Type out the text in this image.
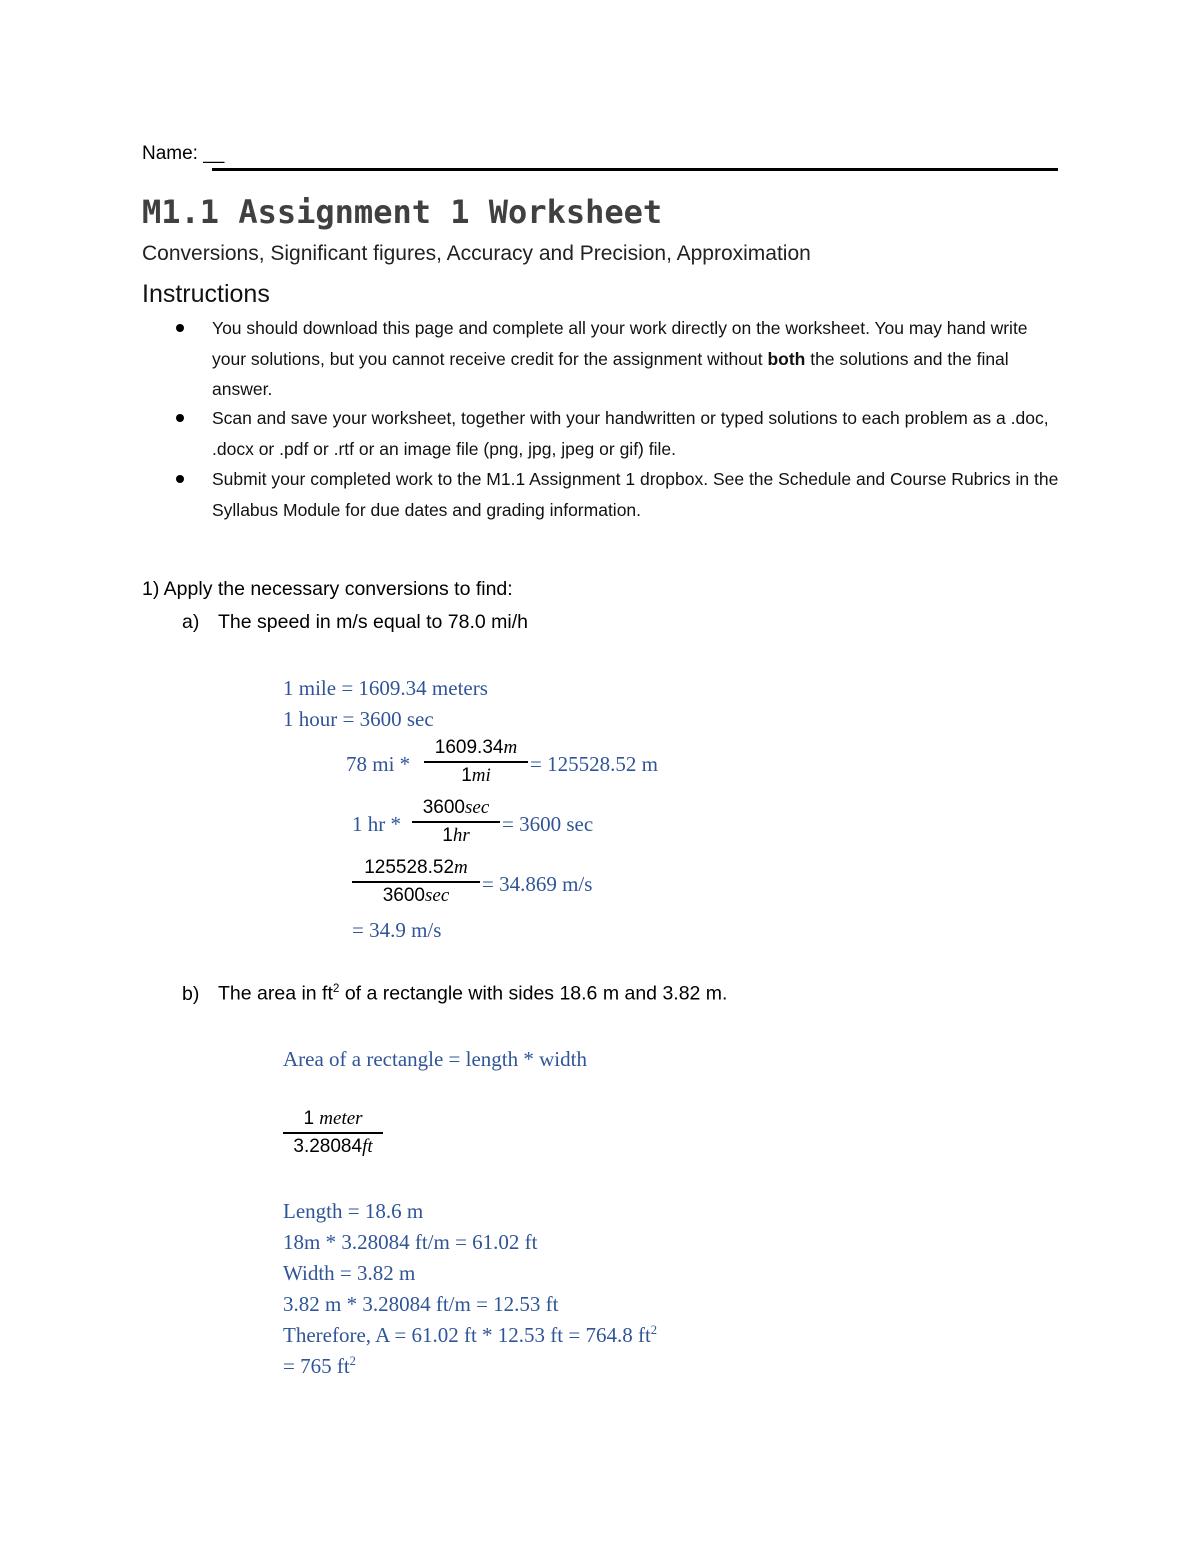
Name: __
M1.1 Assignment 1 Worksheet
Conversions, Significant figures, Accuracy and Precision, Approximation
Instructions
You should download this page and complete all your work directly on the worksheet. You may hand write your solutions, but you cannot receive credit for the assignment without both the solutions and the final answer.
Scan and save your worksheet, together with your handwritten or typed solutions to each problem as a .doc, .docx or .pdf or .rtf or an image file (png, jpg, jpeg or gif) file.
Submit your completed work to the M1.1 Assignment 1 dropbox. See the Schedule and Course Rubrics in the Syllabus Module for due dates and grading information.
1) Apply the necessary conversions to find:
a) The speed in m/s equal to 78.0 mi/h
1 mile = 1609.34 meters
1 hour = 3600 sec
78 mi * $\frac{1609.34m}{1mi} = 125528.52$ m
1 hr *
3600sec
1hr	= 3600 sec
125528.52m
3600sec	= 34.869 m/s
= 34.9 m/s
b) The area in $ft^2$ of a rectangle with sides 18.6 m and 3.82 m.
Area of a rectangle = length * width
1 meter
3.28084ft
Length = 18.6 m
18m * 3.28084 ft/m = 61.02 ft
Width = 3.82 m
3.82 m * 3.28084 ft/m = 12.53 ft
Therefore, A = 61.02 ft * 12.53 ft = 764.8 $ft^2$
= 765 $ft^2$
